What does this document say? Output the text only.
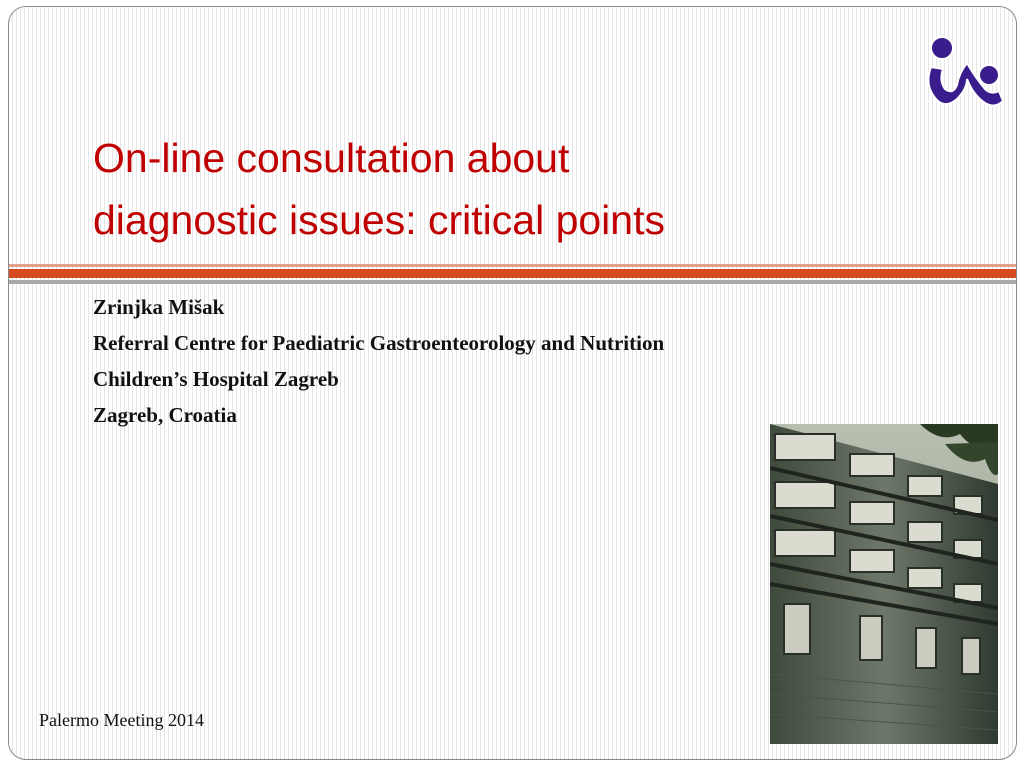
On-line consultation about
diagnostic issues: critical points
Zrinjka Mišak
Referral Centre for Paediatric Gastroenteorology and Nutrition
Children’s Hospital Zagreb
Zagreb, Croatia
Palermo Meeting 2014
